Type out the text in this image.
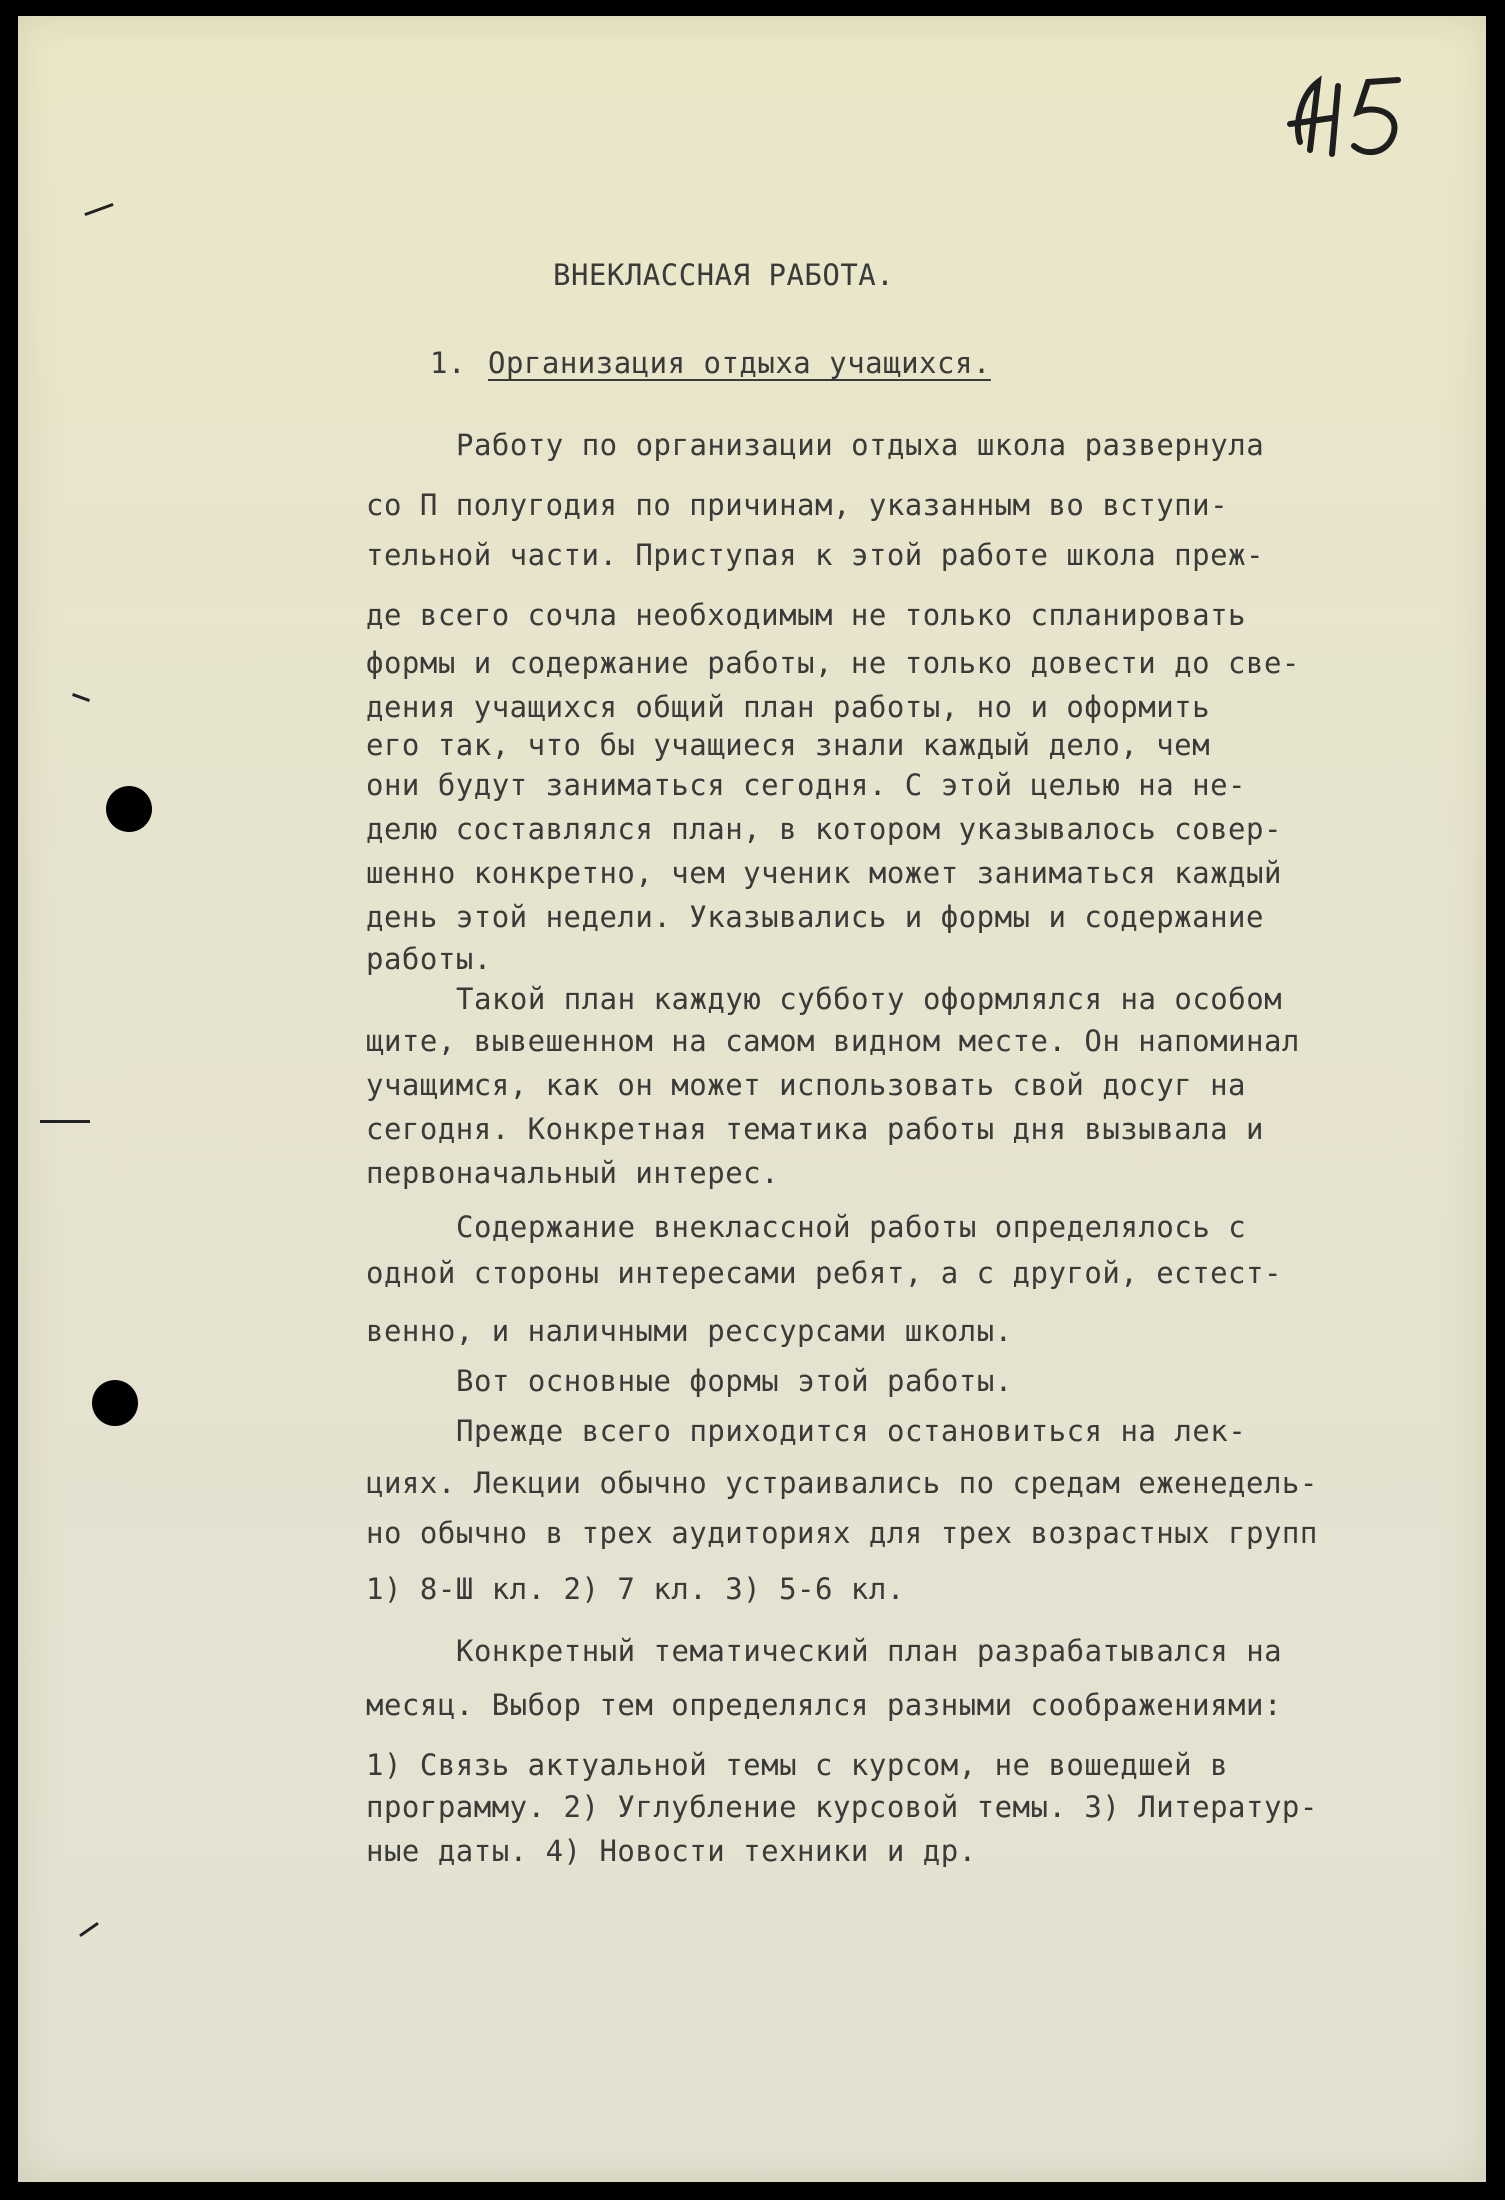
ВНЕКЛАССНАЯ РАБОТА.
1. Организация отдыха учащихся.
Работу по организации отдыха школа развернула
со П полугодия по причинам, указанным во вступи-
тельной части. Приступая к этой работе школа преж-
де всего сочла необходимым не только спланировать
формы и содержание работы, не только довести до све-
дения учащихся общий план работы, но и оформить
его так, что бы учащиеся знали каждый дело, чем
они будут заниматься сегодня. С этой целью на не-
делю составлялся план, в котором указывалось совер-
шенно конкретно, чем ученик может заниматься каждый
день этой недели. Указывались и формы и содержание
работы.
Такой план каждую субботу оформлялся на особом
щите, вывешенном на самом видном месте. Он напоминал
учащимся, как он может использовать свой досуг на
сегодня. Конкретная тематика работы дня вызывала и
первоначальный интерес.
Содержание внеклассной работы определялось с
одной стороны интересами ребят, а с другой, естест-
венно, и наличными рессурсами школы.
Вот основные формы этой работы.
Прежде всего приходится остановиться на лек-
циях. Лекции обычно устраивались по средам еженедель-
но обычно в трех аудиториях для трех возрастных групп
1) 8-Ш кл. 2) 7 кл. 3) 5-6 кл.
Конкретный тематический план разрабатывался на
месяц. Выбор тем определялся разными соображениями:
1) Связь актуальной темы с курсом, не вошедшей в
программу. 2) Углубление курсовой темы. 3) Литератур-
ные даты. 4) Новости техники и др.
